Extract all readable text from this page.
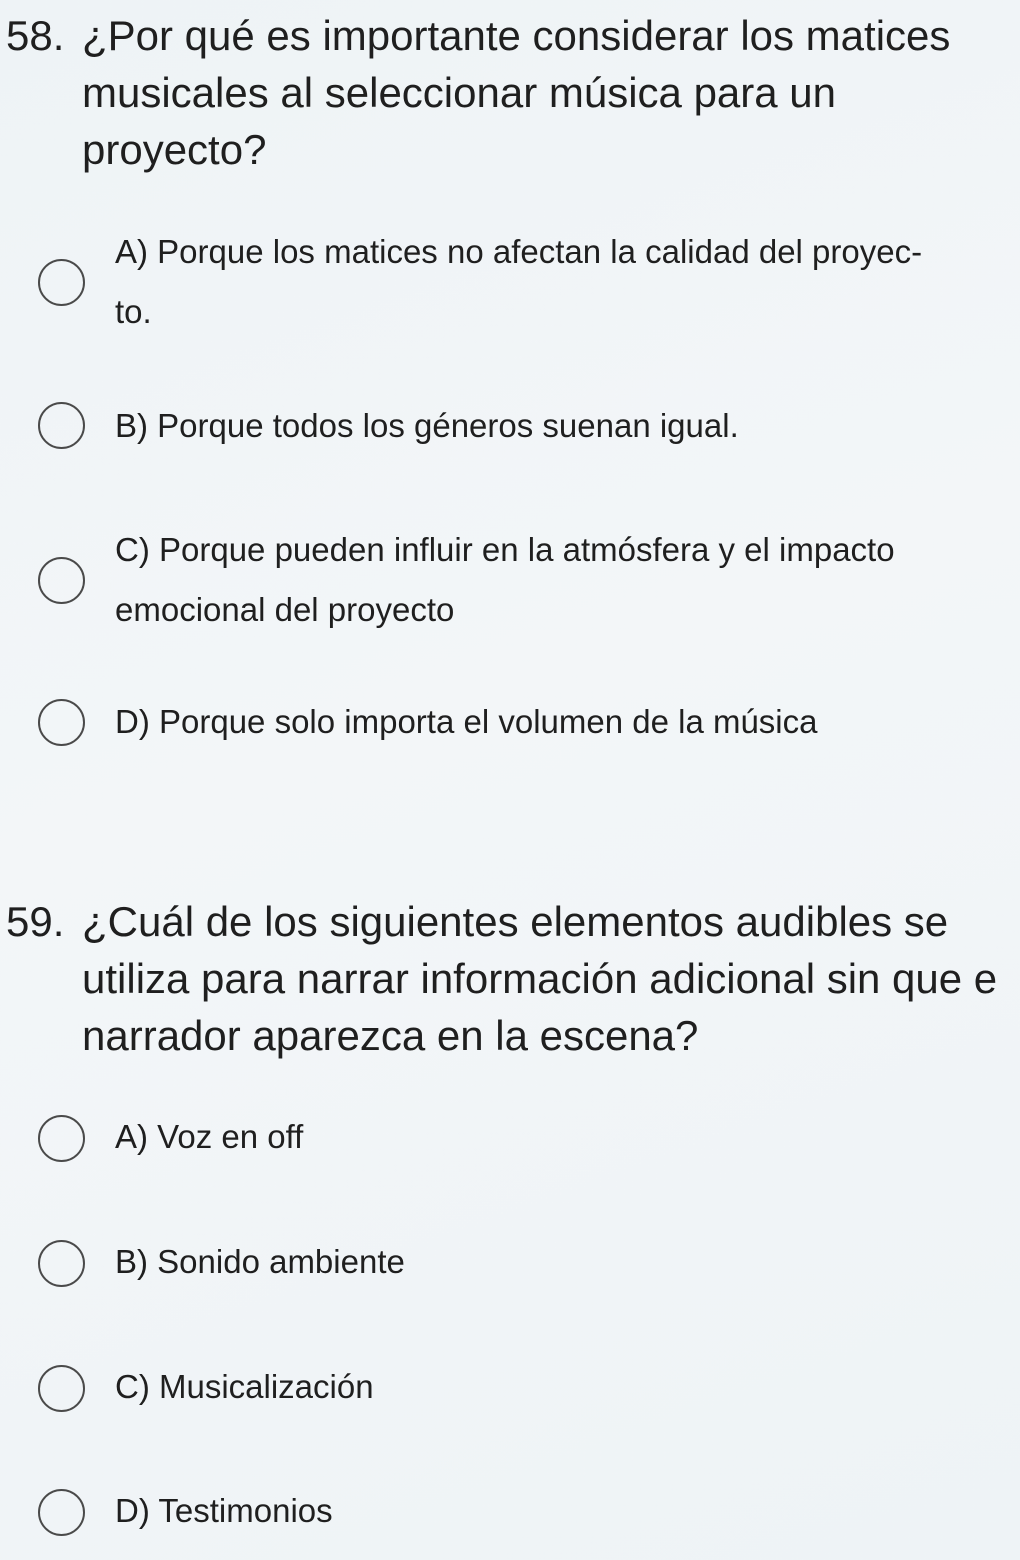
58. ¿Por qué es importante considerar los matices
musicales al seleccionar música para un
proyecto?
A) Porque los matices no afectan la calidad del proyec-
to.
B) Porque todos los géneros suenan igual.
C) Porque pueden influir en la atmósfera y el impacto
emocional del proyecto
D) Porque solo importa el volumen de la música
59. ¿Cuál de los siguientes elementos audibles se
utiliza para narrar información adicional sin que e
narrador aparezca en la escena?
A) Voz en off
B) Sonido ambiente
C) Musicalización
D) Testimonios
